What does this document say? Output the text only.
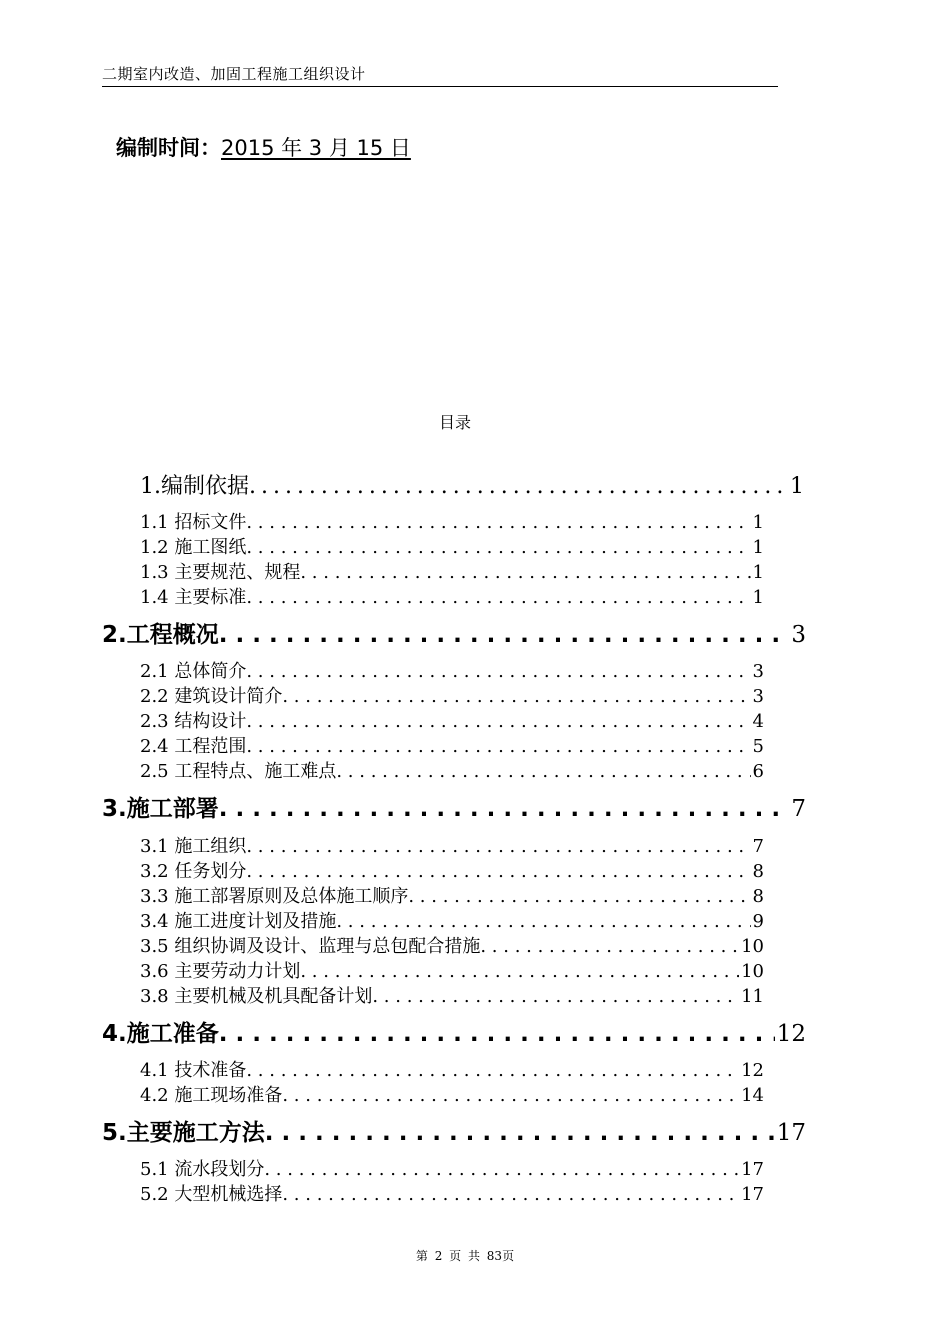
二期室内改造、加固工程施工组织设计
编制时间：2015 年 3 月 15 日
目录
1.编制依据 . . .	1
1.1 招标文件 . . .	1
1.2 施工图纸 . . .	1
1.3 主要规范、规程 . . .	1
1.4 主要标准 . . .	1
2.工程概况 . . .	3
2.1 总体简介 . . .	3
2.2 建筑设计简介 . . .	3
2.3 结构设计 . . .	4
2.4 工程范围 . . .	5
2.5 工程特点、施工难点 . . .	6
3.施工部署 . . .	7
3.1 施工组织 . . .	7
3.2 任务划分 . . .	8
3.3 施工部署原则及总体施工顺序 . . .	8
3.4 施工进度计划及措施 . . .	9
3.5 组织协调及设计、监理与总包配合措施 . . .	10
3.6 主要劳动力计划 . . .	10
3.8 主要机械及机具配备计划 . . .	11
4.施工准备 . . .	12
4.1 技术准备 . . .	12
4.2 施工现场准备 . . .	14
5.主要施工方法 . . .	17
5.1 流水段划分 . . .	17
5.2 大型机械选择 . . .	17
第 2 页 共 83页
